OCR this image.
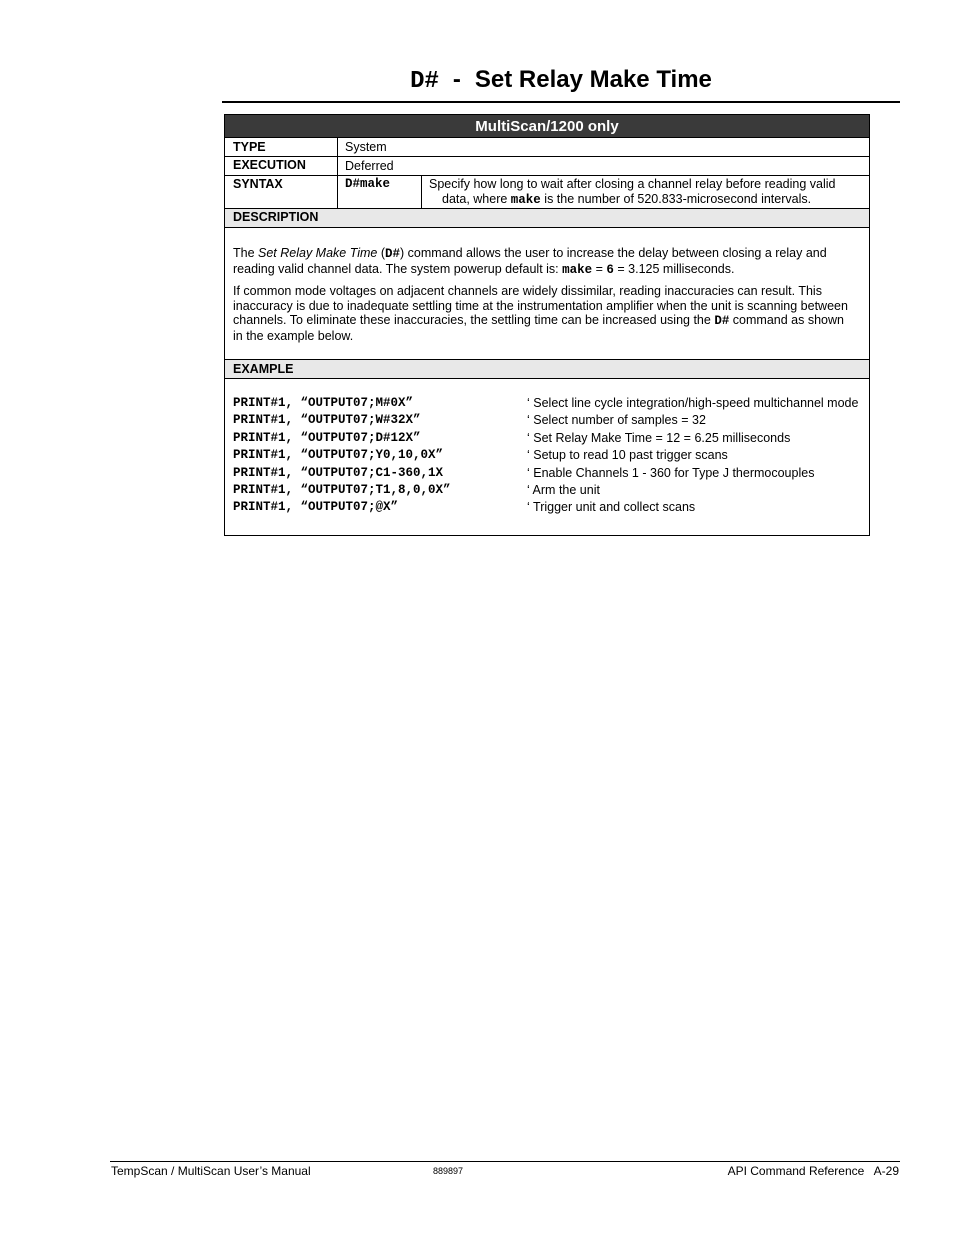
D# - Set Relay Make Time
MultiScan/1200 only
TYPE	System
EXECUTION	Deferred
SYNTAX	D#make	Specify how long to wait after closing a channel relay before reading valid
data, where make is the number of 520.833-microsecond intervals.
DESCRIPTION

The Set Relay Make Time (D#) command allows the user to increase the delay between closing a relay and reading valid channel data. The system powerup default is: make = 6 = 3.125 milliseconds.

If common mode voltages on adjacent channels are widely dissimilar, reading inaccuracies can result. This inaccuracy is due to inadequate settling time at the instrumentation amplifier when the unit is scanning between channels. To eliminate these inaccuracies, the settling time can be increased using the D# command as shown in the example below.

EXAMPLE
PRINT#1, “OUTPUT07;M#0X”	‘ Select line cycle integration/high-speed multichannel mode
PRINT#1, “OUTPUT07;W#32X”	‘ Select number of samples = 32
PRINT#1, “OUTPUT07;D#12X”	‘ Set Relay Make Time = 12 = 6.25 milliseconds
PRINT#1, “OUTPUT07;Y0,10,0X”	‘ Setup to read 10 past trigger scans
PRINT#1, “OUTPUT07;C1-360,1X	‘ Enable Channels 1 - 360 for Type J thermocouples
PRINT#1, “OUTPUT07;T1,8,0,0X”	‘ Arm the unit
PRINT#1, “OUTPUT07;@X”	‘ Trigger unit and collect scans
TempScan / MultiScan User’s Manual	889897	API Command Reference   A-29
